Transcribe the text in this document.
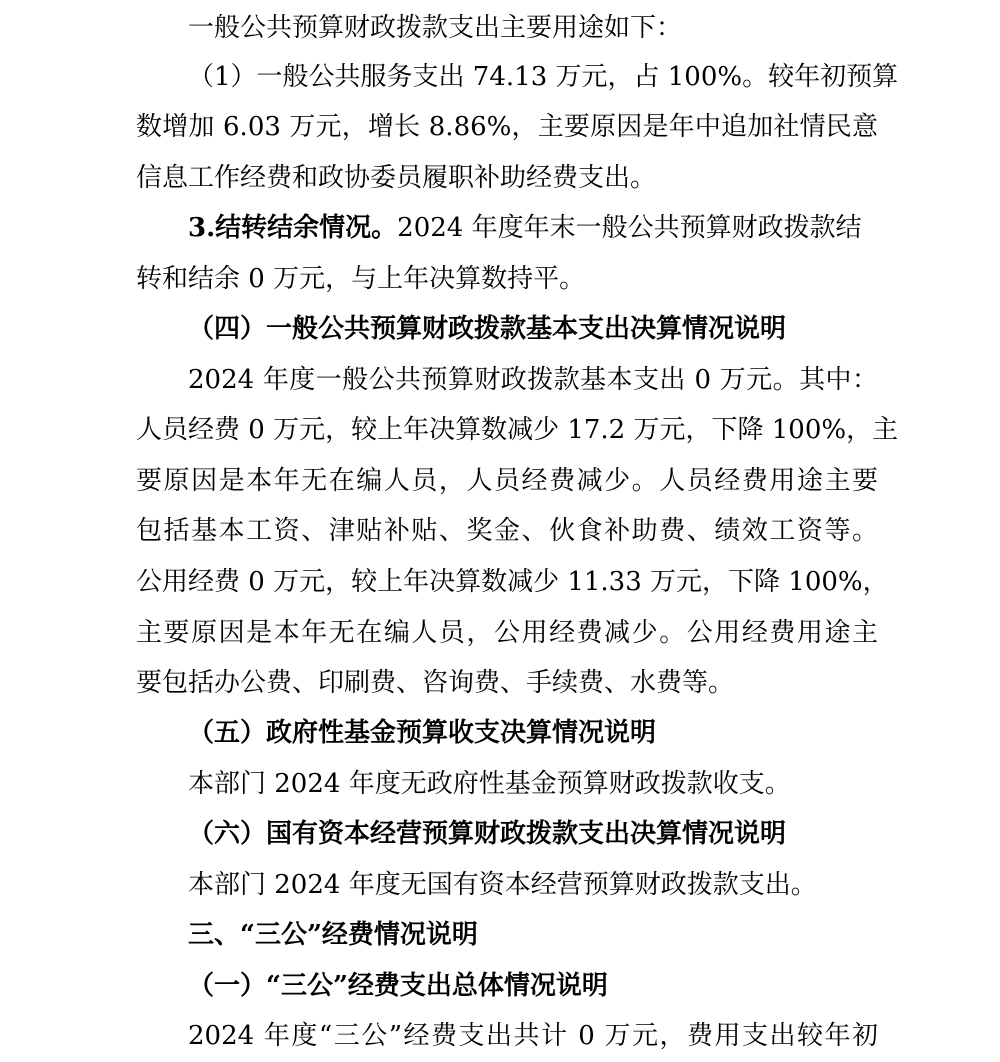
一般公共预算财政拨款支出主要用途如下：
（1）一般公共服务支出 74.13 万元，占 100%。较年初预算
数增加 6.03 万元，增长 8.86%，主要原因是年中追加社情民意
信息工作经费和政协委员履职补助经费支出。
3.结转结余情况。2024 年度年末一般公共预算财政拨款结
转和结余 0 万元，与上年决算数持平。
（四）一般公共预算财政拨款基本支出决算情况说明
2024 年度一般公共预算财政拨款基本支出 0 万元。其中：
人员经费 0 万元，较上年决算数减少 17.2 万元，下降 100%，主
要原因是本年无在编人员，人员经费减少。人员经费用途主要
包括基本工资、津贴补贴、奖金、伙食补助费、绩效工资等。
公用经费 0 万元，较上年决算数减少 11.33 万元，下降 100%，
主要原因是本年无在编人员，公用经费减少。公用经费用途主
要包括办公费、印刷费、咨询费、手续费、水费等。
（五）政府性基金预算收支决算情况说明
本部门 2024 年度无政府性基金预算财政拨款收支。
（六）国有资本经营预算财政拨款支出决算情况说明
本部门 2024 年度无国有资本经营预算财政拨款支出。
三、“三公”经费情况说明
（一）“三公”经费支出总体情况说明
2024 年度“三公”经费支出共计 0 万元，费用支出较年初
